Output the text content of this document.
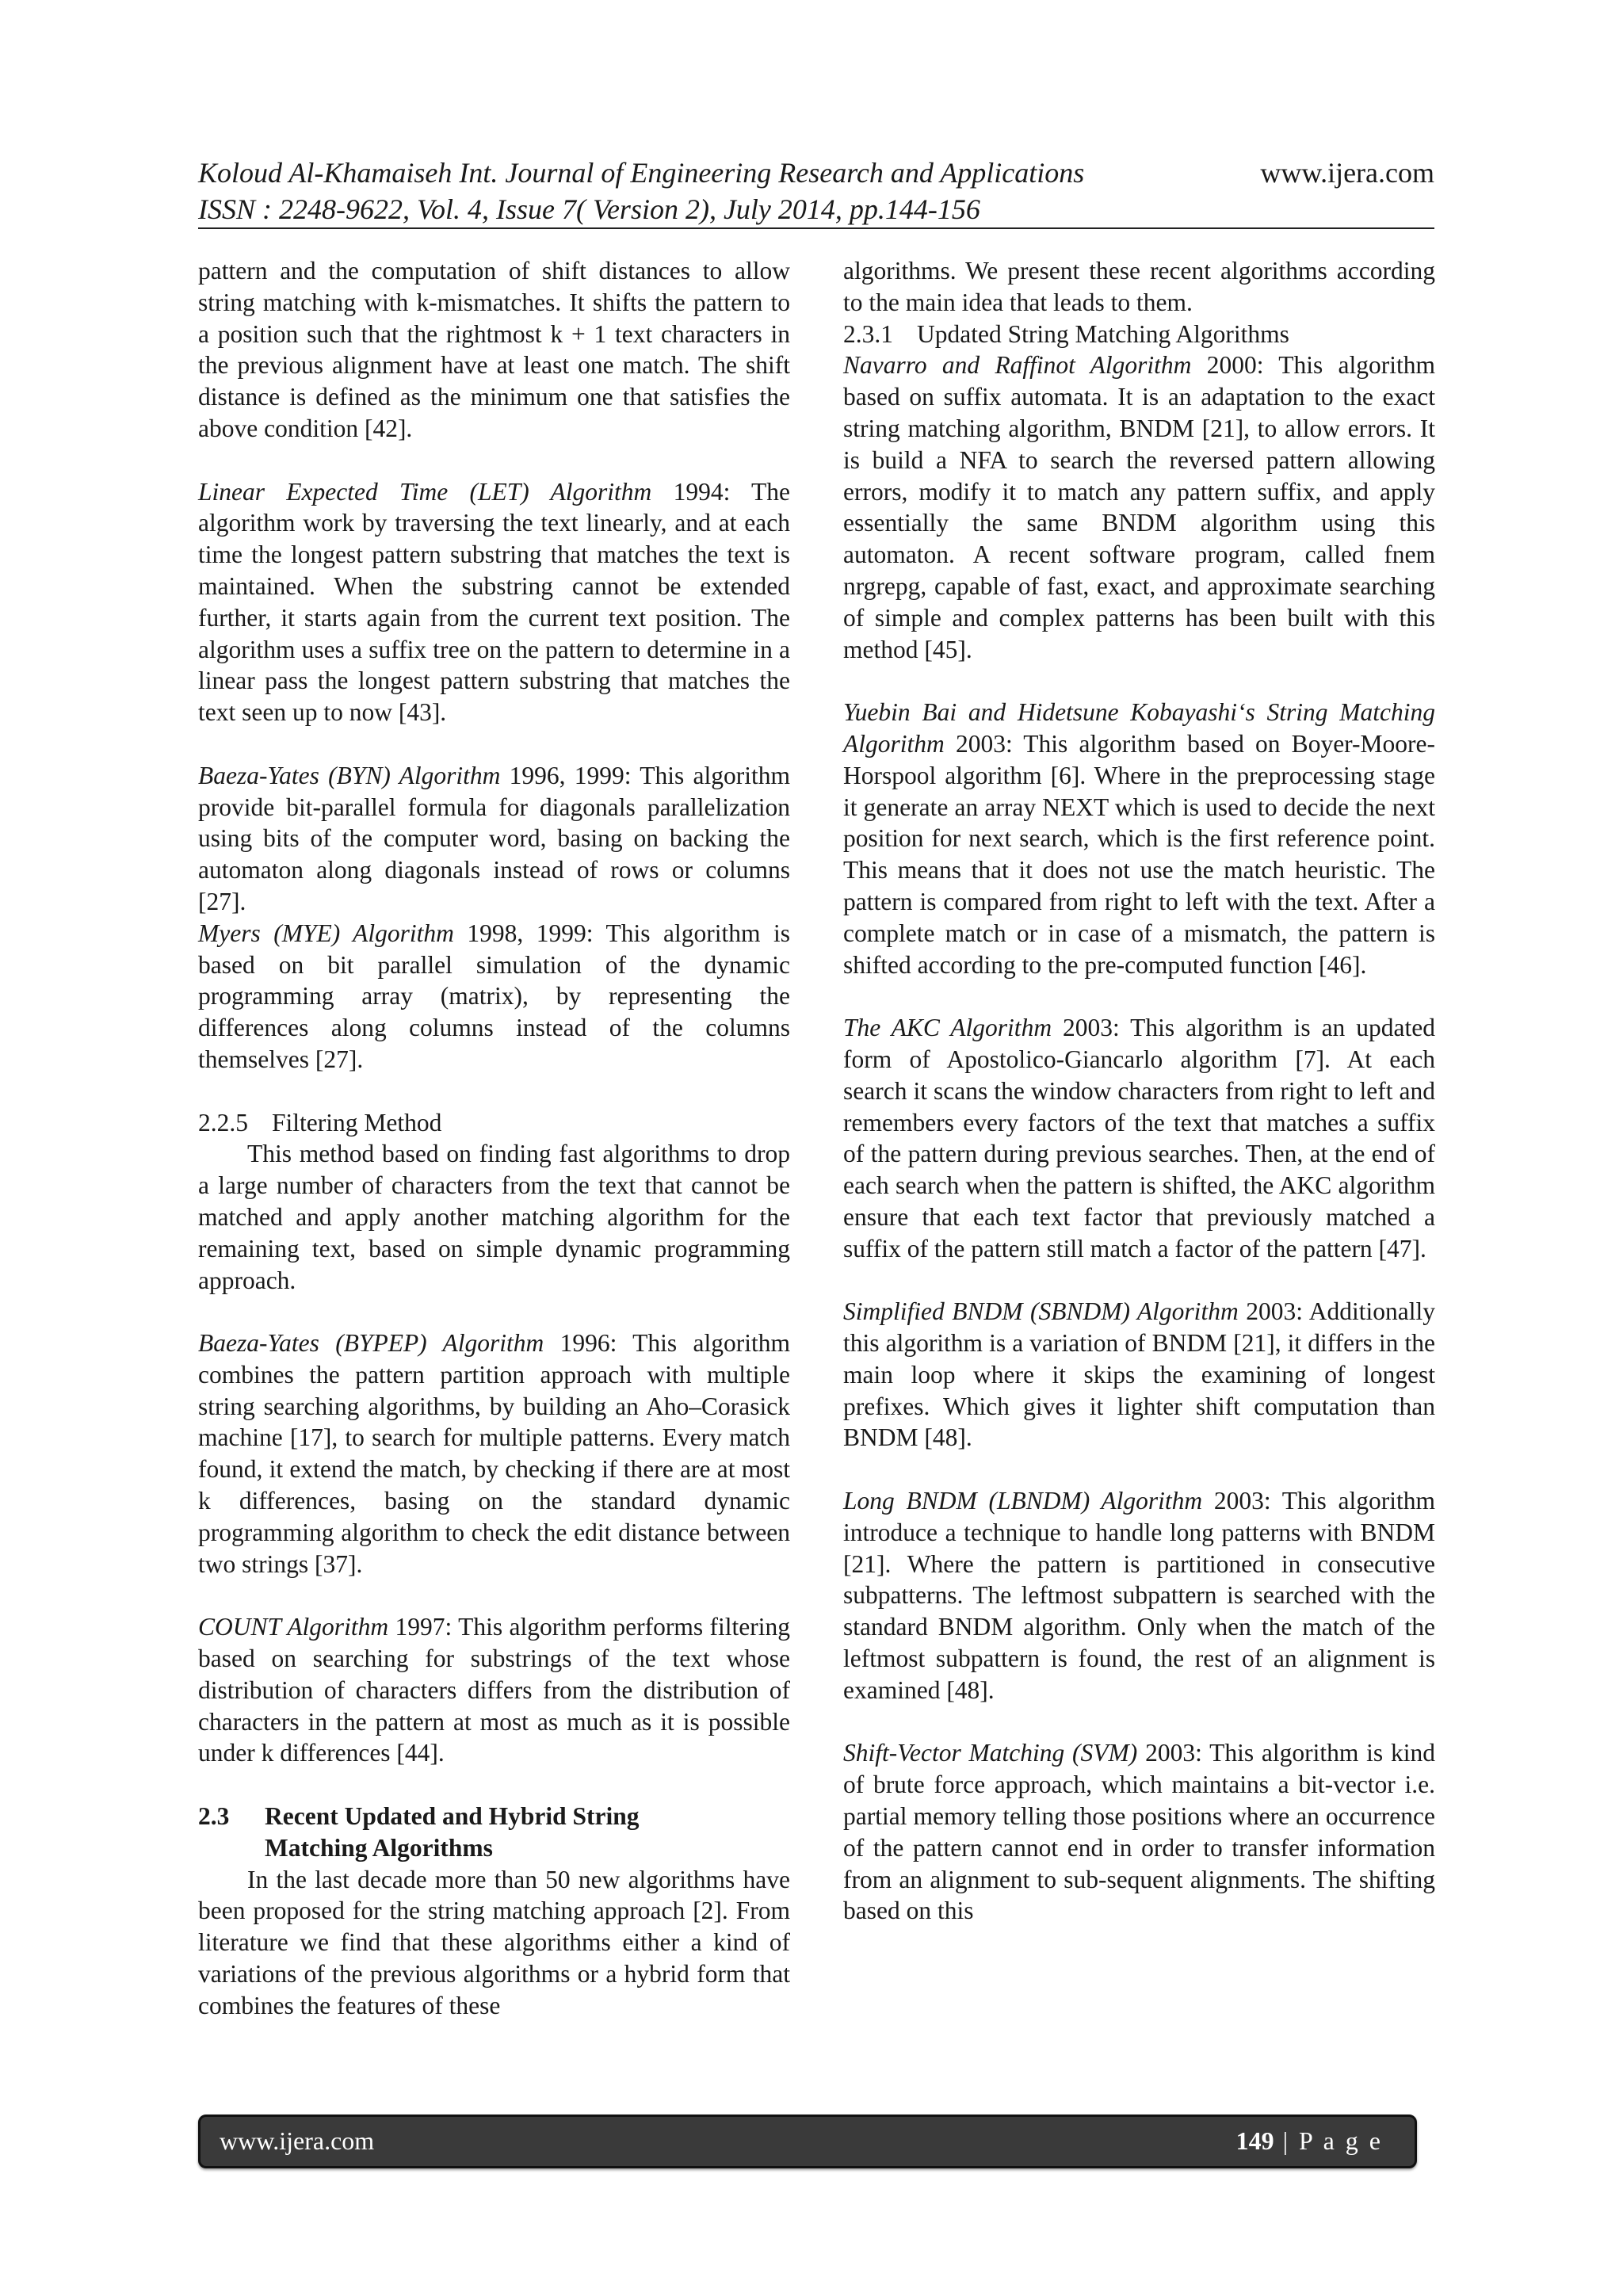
Koloud Al-Khamaiseh Int. Journal of Engineering Research and Applications	www.ijera.com
ISSN : 2248-9622, Vol. 4, Issue 7( Version 2), July 2014, pp.144-156

pattern and the computation of shift distances to allow string matching with k-mismatches. It shifts the pattern to a position such that the rightmost k + 1 text characters in the previous alignment have at least one match. The shift distance is defined as the minimum one that satisfies the above condition [42].

Linear Expected Time (LET) Algorithm 1994: The algorithm work by traversing the text linearly, and at each time the longest pattern substring that matches the text is maintained. When the substring cannot be extended further, it starts again from the current text position. The algorithm uses a suffix tree on the pattern to determine in a linear pass the longest pattern substring that matches the text seen up to now [43].

Baeza-Yates (BYN) Algorithm 1996, 1999: This algorithm provide bit-parallel formula for diagonals parallelization using bits of the computer word, basing on backing the automaton along diagonals instead of rows or columns [27].

Myers (MYE) Algorithm 1998, 1999: This algorithm is based on bit parallel simulation of the dynamic programming array (matrix), by representing the differences along columns instead of the columns themselves [27].

2.2.5 Filtering Method

This method based on finding fast algorithms to drop a large number of characters from the text that cannot be matched and apply another matching algorithm for the remaining text, based on simple dynamic programming approach.

Baeza-Yates (BYPEP) Algorithm 1996: This algorithm combines the pattern partition approach with multiple string searching algorithms, by building an Aho–Corasick machine [17], to search for multiple patterns. Every match found, it extend the match, by checking if there are at most k differences, basing on the standard dynamic programming algorithm to check the edit distance between two strings [37].

COUNT Algorithm 1997: This algorithm performs filtering based on searching for substrings of the text whose distribution of characters differs from the distribution of characters in the pattern at most as much as it is possible under k differences [44].

2.3	Recent Updated and Hybrid String
Matching Algorithms

In the last decade more than 50 new algorithms have been proposed for the string matching approach [2]. From literature we find that these algorithms either a kind of variations of the previous algorithms or a hybrid form that combines the features of these

algorithms. We present these recent algorithms according to the main idea that leads to them.

2.3.1 Updated String Matching Algorithms

Navarro and Raffinot Algorithm 2000: This algorithm based on suffix automata. It is an adaptation to the exact string matching algorithm, BNDM [21], to allow errors. It is build a NFA to search the reversed pattern allowing errors, modify it to match any pattern suffix, and apply essentially the same BNDM algorithm using this automaton. A recent software program, called fnem nrgrepg, capable of fast, exact, and approximate searching of simple and complex patterns has been built with this method [45].

Yuebin Bai and Hidetsune Kobayashi‘s String Matching Algorithm 2003: This algorithm based on Boyer-Moore-Horspool algorithm [6]. Where in the preprocessing stage it generate an array NEXT which is used to decide the next position for next search, which is the first reference point. This means that it does not use the match heuristic. The pattern is compared from right to left with the text. After a complete match or in case of a mismatch, the pattern is shifted according to the pre-computed function [46].

The AKC Algorithm 2003: This algorithm is an updated form of Apostolico-Giancarlo algorithm [7]. At each search it scans the window characters from right to left and remembers every factors of the text that matches a suffix of the pattern during previous searches. Then, at the end of each search when the pattern is shifted, the AKC algorithm ensure that each text factor that previously matched a suffix of the pattern still match a factor of the pattern [47].

Simplified BNDM (SBNDM) Algorithm 2003: Additionally this algorithm is a variation of BNDM [21], it differs in the main loop where it skips the examining of longest prefixes. Which gives it lighter shift computation than BNDM [48].

Long BNDM (LBNDM) Algorithm 2003: This algorithm introduce a technique to handle long patterns with BNDM [21]. Where the pattern is partitioned in consecutive subpatterns. The leftmost subpattern is searched with the standard BNDM algorithm. Only when the match of the leftmost subpattern is found, the rest of an alignment is examined [48].

Shift-Vector Matching (SVM) 2003: This algorithm is kind of brute force approach, which maintains a bit-vector i.e. partial memory telling those positions where an occurrence of the pattern cannot end in order to transfer information from an alignment to sub-sequent alignments. The shifting based on this

www.ijera.com	149 | P a g e
